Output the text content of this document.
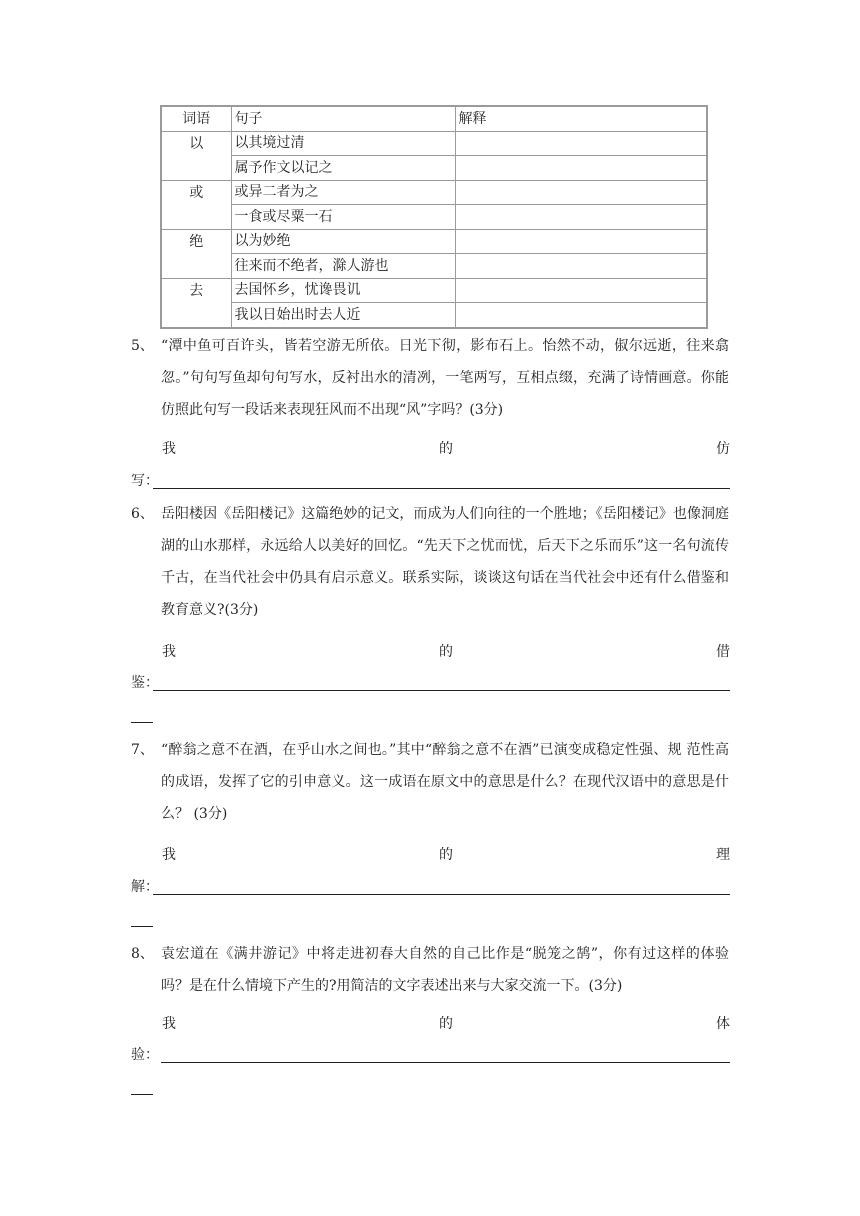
词语	句子	解释
以	以其境过清	
	属予作文以记之	
或	或异二者为之	
	一食或尽粟一石	
绝	以为妙绝	
	往来而不绝者，滁人游也	
去	去国怀乡，忧谗畏讥	
	我以日始出时去人近	
5、 “潭中鱼可百许头，皆若空游无所依。日光下彻，影布石上。怡然不动，俶尔远逝，往来翕忽。”句句写鱼却句句写水，反衬出水的清冽，一笔两写，互相点缀，充满了诗情画意。你能仿照此句写一段话来表现狂风而不出现“风”字吗？(3分)
我	的	仿
写：
6、 岳阳楼因《岳阳楼记》这篇绝妙的记文，而成为人们向往的一个胜地；《岳阳楼记》也像洞庭湖的山水那样，永远给人以美好的回忆。“先天下之忧而忧，后天下之乐而乐”这一名句流传千古，在当代社会中仍具有启示意义。联系实际，谈谈这句话在当代社会中还有什么借鉴和教育意义?(3分)
我	的	借
鉴：
7、 “醉翁之意不在酒，在乎山水之间也。”其中“醉翁之意不在酒”已演变成稳定性强、规 范性高的成语，发挥了它的引申意义。这一成语在原文中的意思是什么？在现代汉语中的意思是什么？ (3分)
我	的	理
解：
8、 袁宏道在《满井游记》中将走进初春大自然的自己比作是“脱笼之鹄”，你有过这样的体验吗？是在什么情境下产生的?用简洁的文字表述出来与大家交流一下。(3分)
我	的	体
验：
